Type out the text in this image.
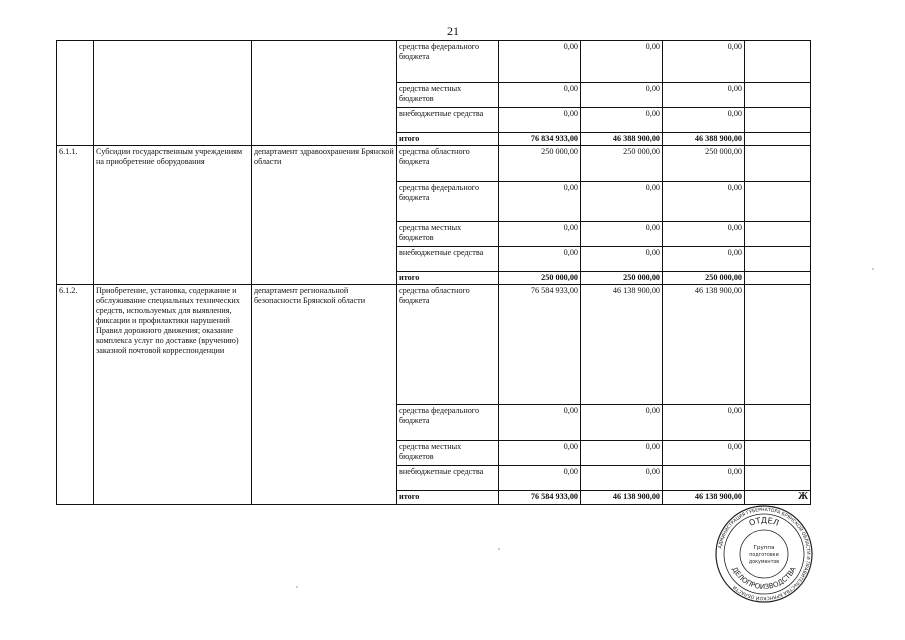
21
			средства федерального бюджета	0,00	0,00	0,00	
			средства местных бюджетов	0,00	0,00	0,00	
			внебюджетные средства	0,00	0,00	0,00	
			итого	76 834 933,00	46 388 900,00	46 388 900,00	
6.1.1.	Субсидии государственным учреждениям на приобретение оборудования	департамент здравоохранения Брянской области	средства областного бюджета	250 000,00	250 000,00	250 000,00	
			средства федерального бюджета	0,00	0,00	0,00	
			средства местных бюджетов	0,00	0,00	0,00	
			внебюджетные средства	0,00	0,00	0,00	
			итого	250 000,00	250 000,00	250 000,00	
6.1.2.	Приобретение, установка, содержание и обслуживание специальных технических средств, используемых для выявления, фиксации и профилактики нарушений Правил дорожного движения; оказание комплекса услуг по доставке (вручению) заказной почтовой корреспонденции	департамент региональной безопасности Брянской области	средства областного бюджета	76 584 933,00	46 138 900,00	46 138 900,00	
			средства федерального бюджета	0,00	0,00	0,00	
			средства местных бюджетов	0,00	0,00	0,00	
			внебюджетные средства	0,00	0,00	0,00	
			итого	76 584 933,00	46 138 900,00	46 138 900,00	Ж
АДМИНИСТРАЦИЯ ГУБЕРНАТОРА БРЯНСКОЙ ОБЛАСТИ И ПРАВИТЕЛЬСТВА БРЯНСКОЙ ОБЛАСТИ
ОТДЕЛ
ДЕЛОПРОИЗВОДСТВА
Группа
подготовки
документов
